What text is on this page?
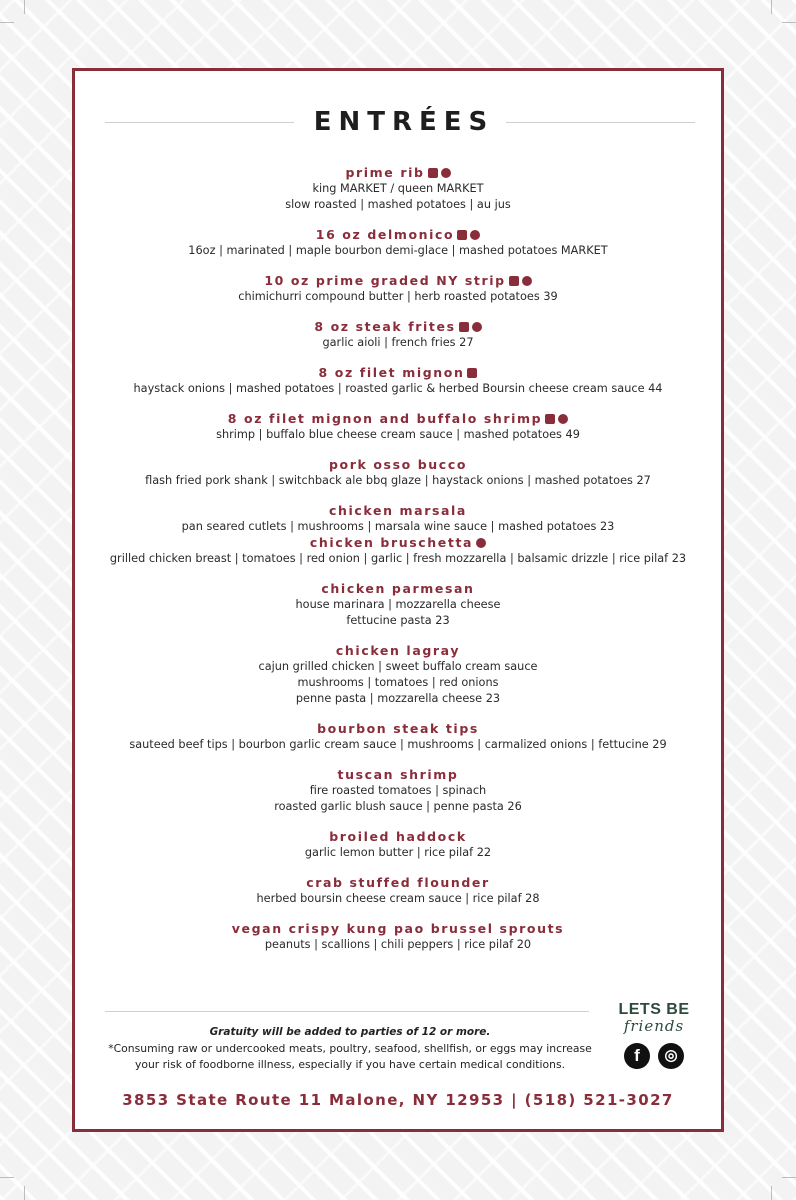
ENTRÉES
prime rib
king MARKET / queen MARKET
slow roasted | mashed potatoes | au jus
16 oz delmonico
16oz | marinated | maple bourbon demi-glace | mashed potatoes MARKET
10 oz prime graded NY strip
chimichurri compound butter | herb roasted potatoes 39
8 oz steak frites
garlic aioli | french fries 27
8 oz filet mignon
haystack onions | mashed potatoes | roasted garlic & herbed Boursin cheese cream sauce 44
8 oz filet mignon and buffalo shrimp
shrimp | buffalo blue cheese cream sauce | mashed potatoes 49
pork osso bucco
flash fried pork shank | switchback ale bbq glaze | haystack onions | mashed potatoes 27
chicken marsala
pan seared cutlets | mushrooms | marsala wine sauce | mashed potatoes 23
chicken bruschetta
grilled chicken breast | tomatoes | red onion | garlic | fresh mozzarella | balsamic drizzle | rice pilaf 23
chicken parmesan
house marinara | mozzarella cheese
fettucine pasta 23
chicken lagray
cajun grilled chicken | sweet buffalo cream sauce
mushrooms | tomatoes | red onions
penne pasta | mozzarella cheese 23
bourbon steak tips
sauteed beef tips | bourbon garlic cream sauce | mushrooms | carmalized onions | fettucine 29
tuscan shrimp
fire roasted tomatoes | spinach
roasted garlic blush sauce | penne pasta 26
broiled haddock
garlic lemon butter | rice pilaf 22
crab stuffed flounder
herbed boursin cheese cream sauce | rice pilaf 28
vegan crispy kung pao brussel sprouts
peanuts | scallions | chili peppers | rice pilaf 20
Gratuity will be added to parties of 12 or more.
*Consuming raw or undercooked meats, poultry, seafood, shellfish, or eggs may increase
your risk of foodborne illness, especially if you have certain medical conditions.
LETS BE
friends
f	◎
3853 State Route 11 Malone, NY 12953 | (518) 521-3027
